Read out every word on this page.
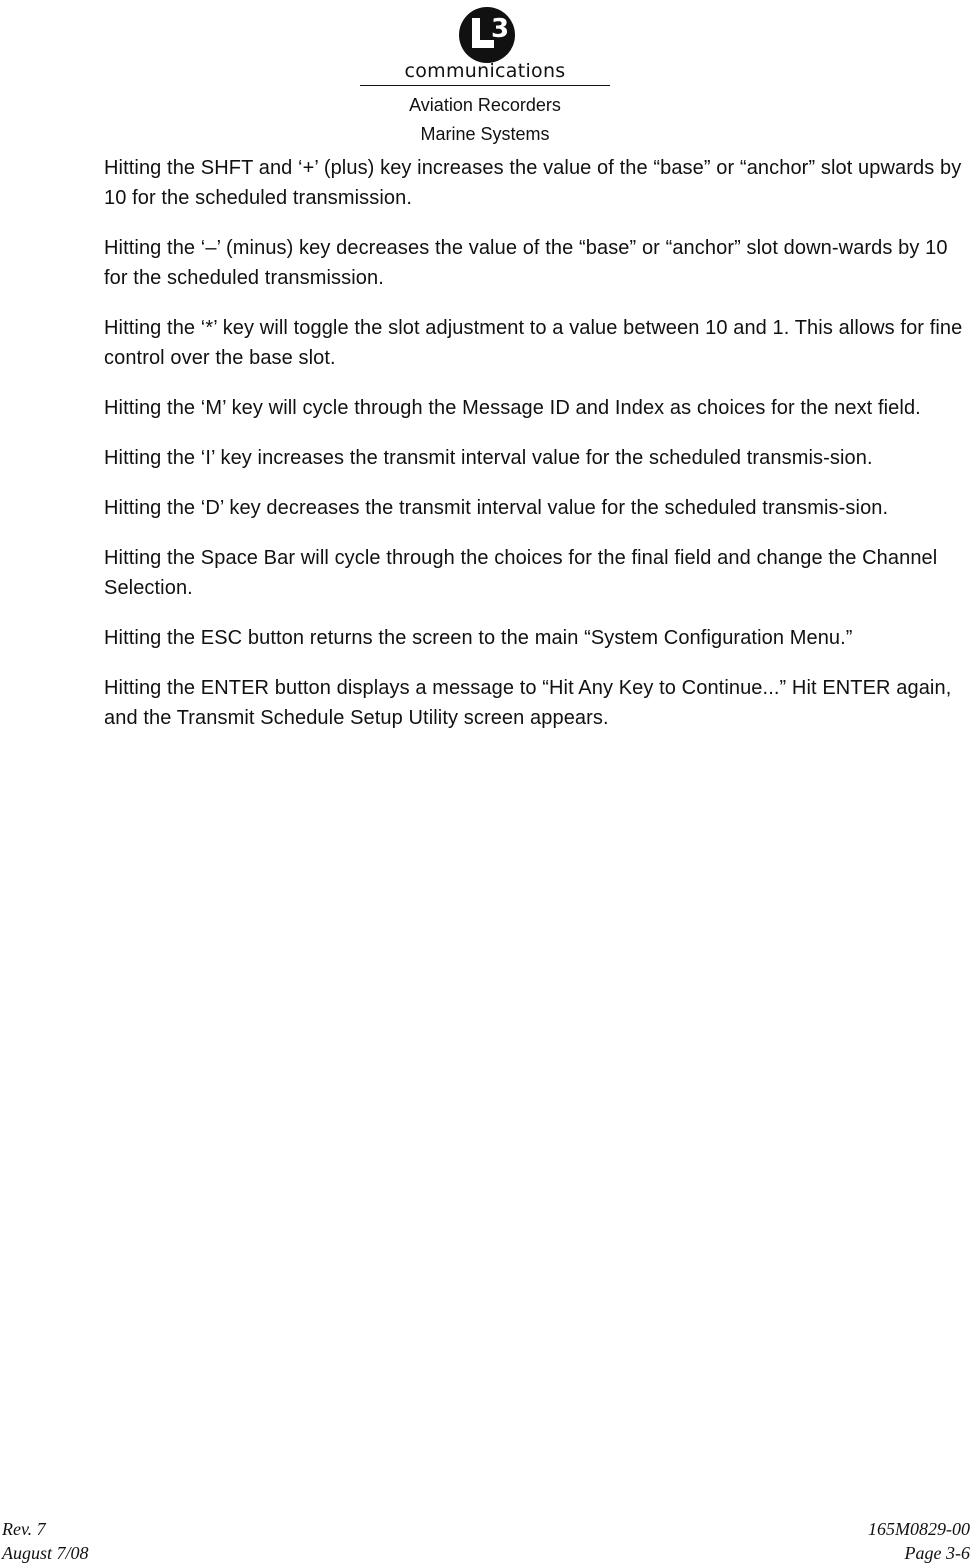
3
communications
Aviation Recorders
Marine Systems

Hitting the SHFT and ‘+’ (plus) key increases the value of the “base” or “anchor” slot upwards by 10 for the scheduled transmission.

Hitting the ‘–’ (minus) key decreases the value of the “base” or “anchor” slot down-wards by 10 for the scheduled transmission.

Hitting the ‘*’ key will toggle the slot adjustment to a value between 10 and 1. This allows for fine control over the base slot.

Hitting the ‘M’ key will cycle through the Message ID and Index as choices for the next field.

Hitting the ‘I’ key increases the transmit interval value for the scheduled transmis-sion.

Hitting the ‘D’ key decreases the transmit interval value for the scheduled transmis-sion.

Hitting the Space Bar will cycle through the choices for the final field and change the Channel Selection.

Hitting the ESC button returns the screen to the main “System Configuration Menu.”

Hitting the ENTER button displays a message to “Hit Any Key to Continue...” Hit ENTER again, and the Transmit Schedule Setup Utility screen appears.

Rev. 7
August 7/08
165M0829-00
Page 3-6
